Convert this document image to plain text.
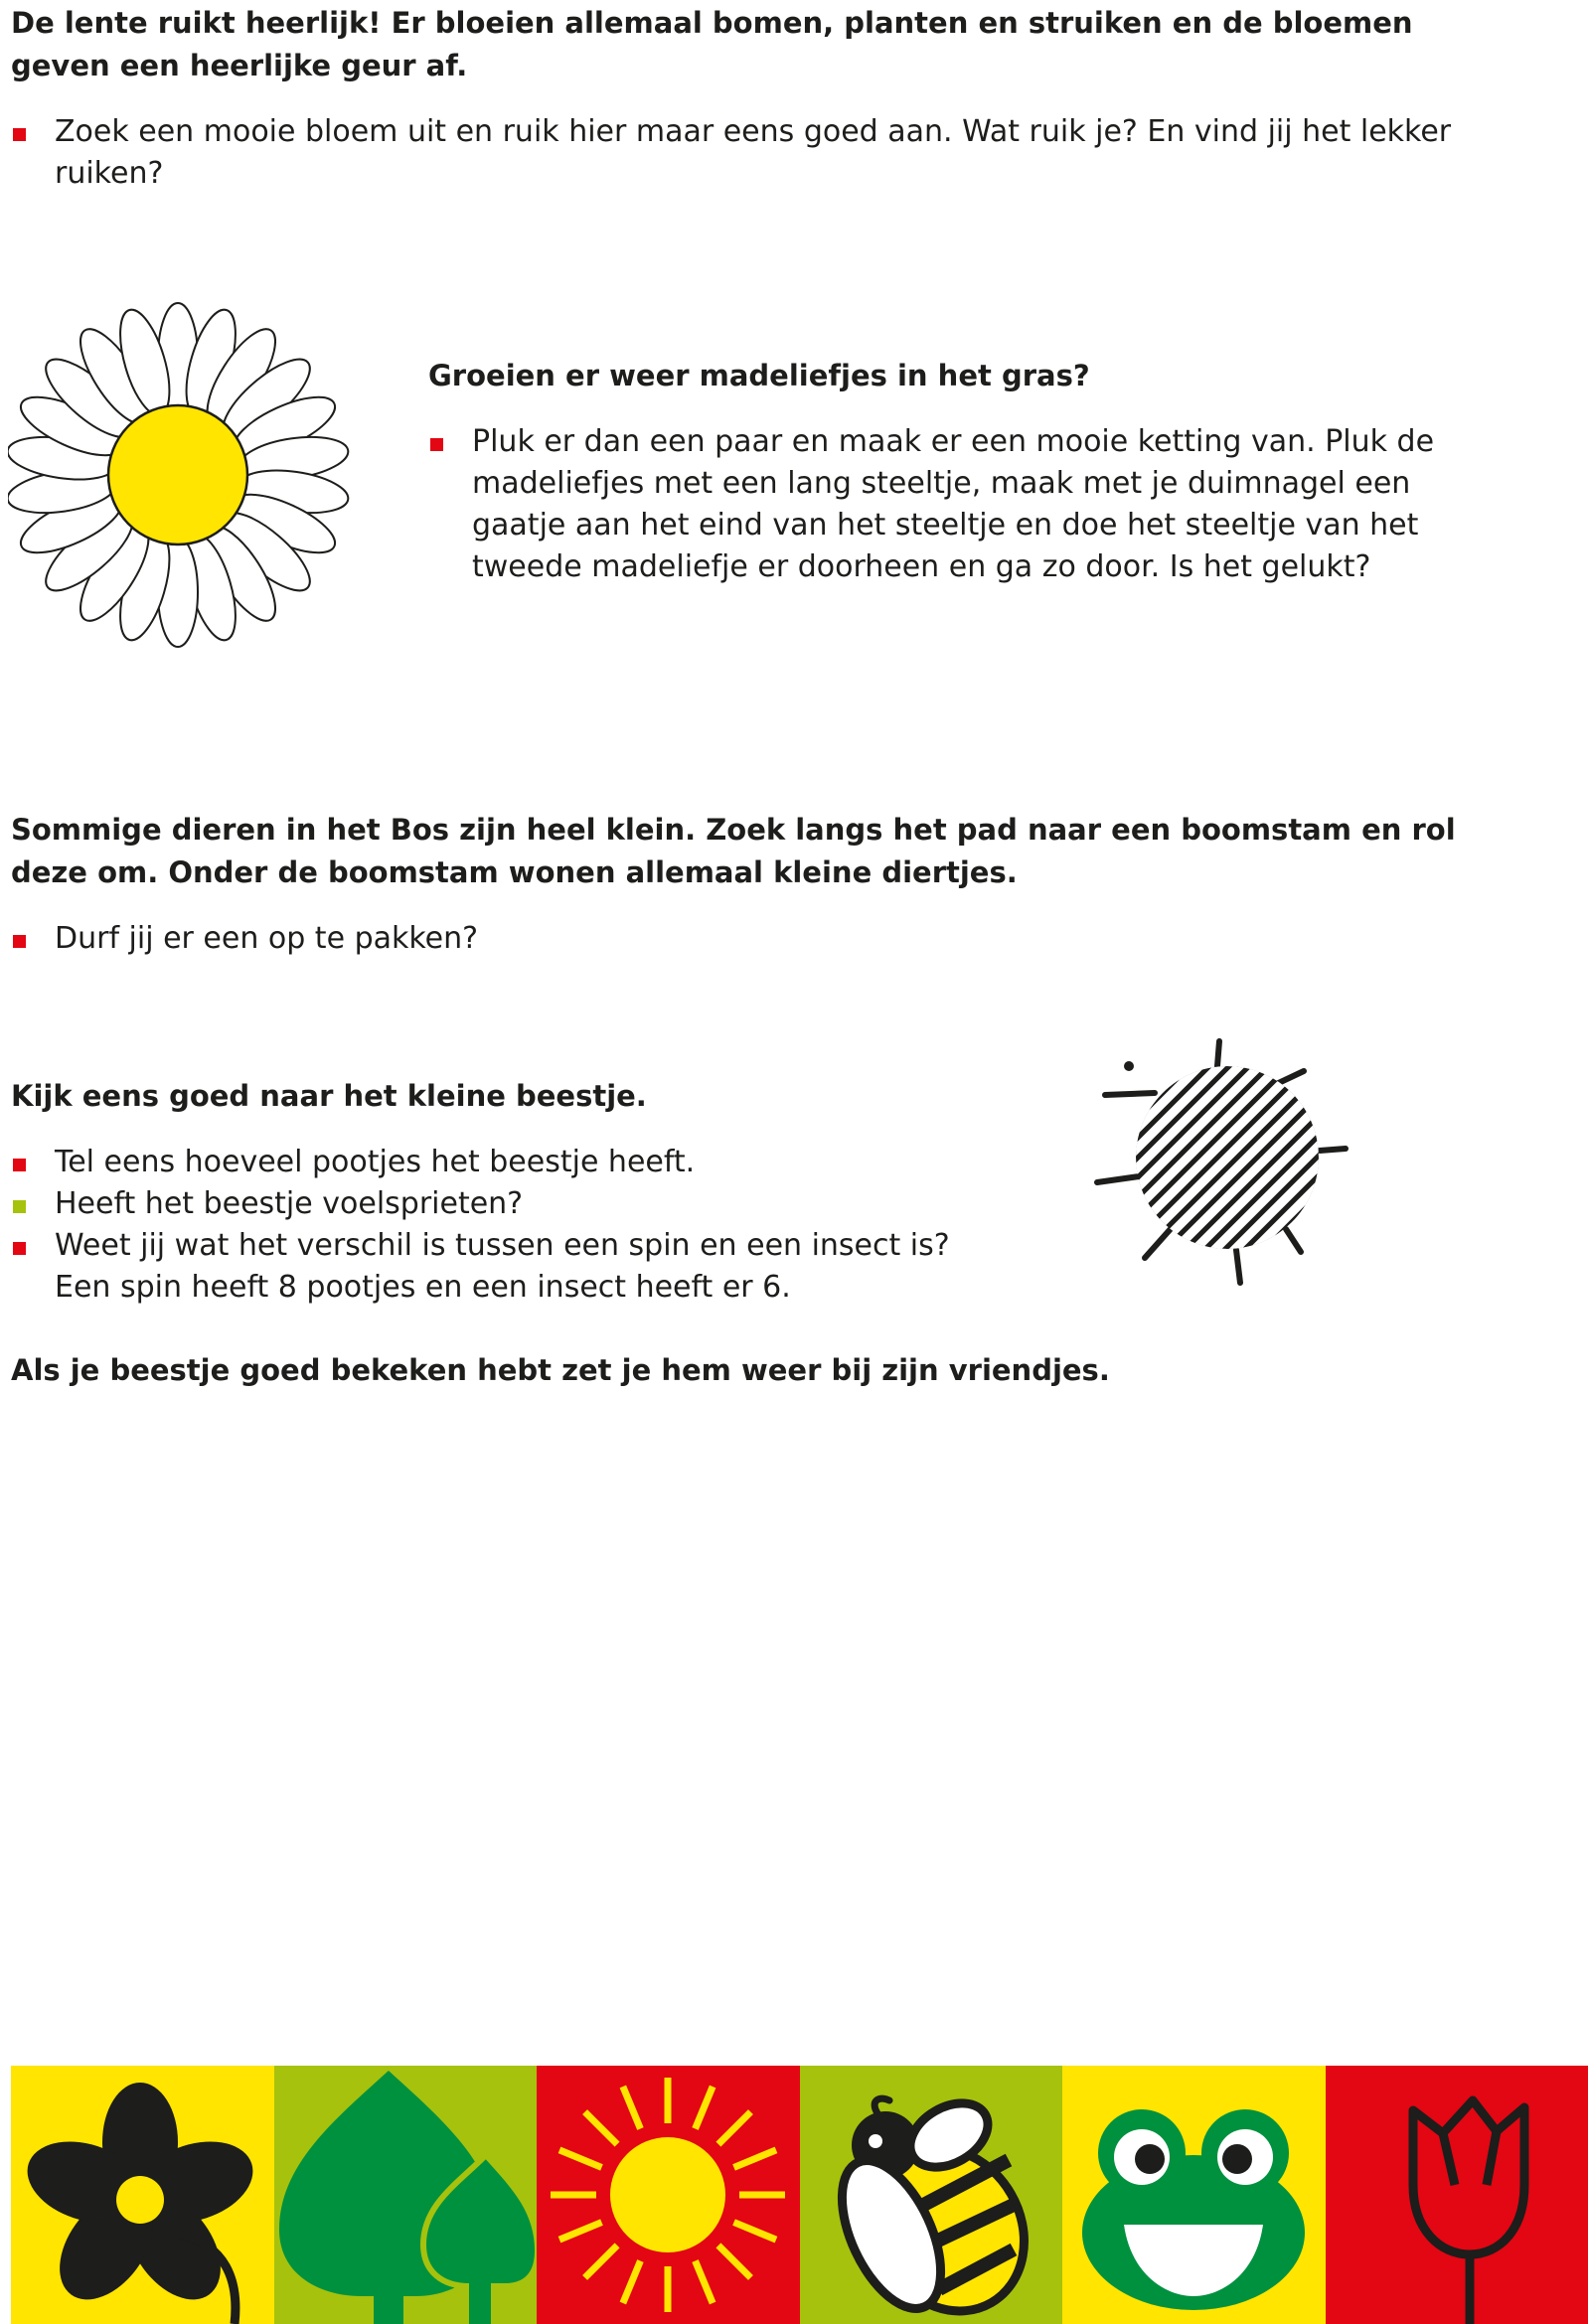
De lente ruikt heerlijk! Er bloeien allemaal bomen, planten en struiken en de bloemen geven een heerlijke geur af.
Zoek een mooie bloem uit en ruik hier maar eens goed aan. Wat ruik je? En vind jij het lekker ruiken?
Groeien er weer madeliefjes in het gras?
Pluk er dan een paar en maak er een mooie ketting van. Pluk de madeliefjes met een lang steeltje, maak met je duimnagel een gaatje aan het eind van het steeltje en doe het steeltje van het tweede madeliefje er doorheen en ga zo door. Is het gelukt?
Sommige dieren in het Bos zijn heel klein. Zoek langs het pad naar een boomstam en rol deze om. Onder de boomstam wonen allemaal kleine diertjes.
Durf jij er een op te pakken?
Kijk eens goed naar het kleine beestje.
Tel eens hoeveel pootjes het beestje heeft.
Heeft het beestje voelsprieten?
Weet jij wat het verschil is tussen een spin en een insect is?
Een spin heeft 8 pootjes en een insect heeft er 6.
Als je beestje goed bekeken hebt zet je hem weer bij zijn vriendjes.
